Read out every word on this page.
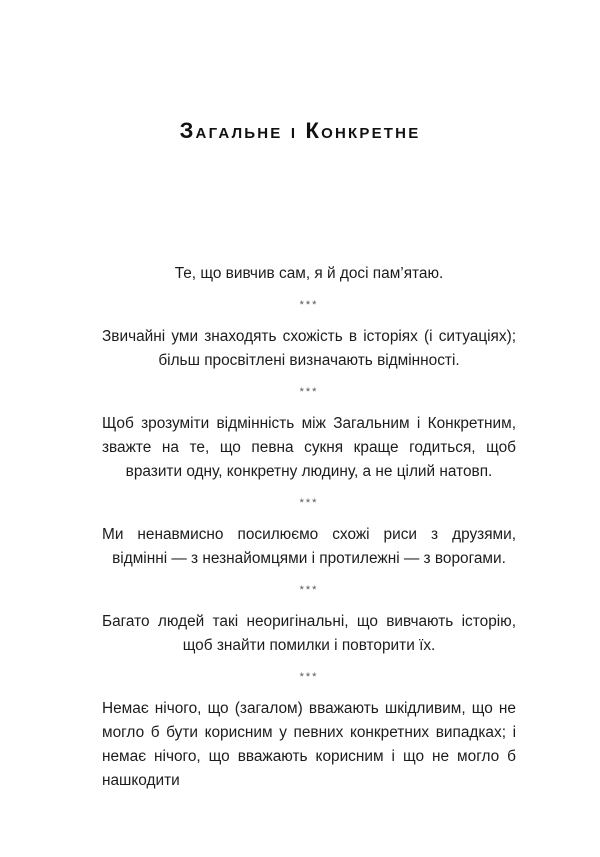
Загальне і Конкретне

Те, що вивчив сам, я й досі пам’ятаю.

***

Звичайні уми знаходять схожість в історіях (і ситуаціях); більш просвітлені визначають відмінності.

***

Щоб зрозуміти відмінність між Загальним і Конкретним, зважте на те, що певна сукня краще годиться, щоб вразити одну, конкретну людину, а не цілий натовп.

***

Ми ненавмисно посилюємо схожі риси з друзями, відмінні — з незнайомцями і протилежні — з ворогами.

***

Багато людей такі неоригінальні, що вивчають історію, щоб знайти помилки і повторити їх.

***

Немає нічого, що (загалом) вважають шкідливим, що не могло б бути корисним у певних конкретних випадках; і немає нічого, що вважають корисним і що не могло б нашкодити
